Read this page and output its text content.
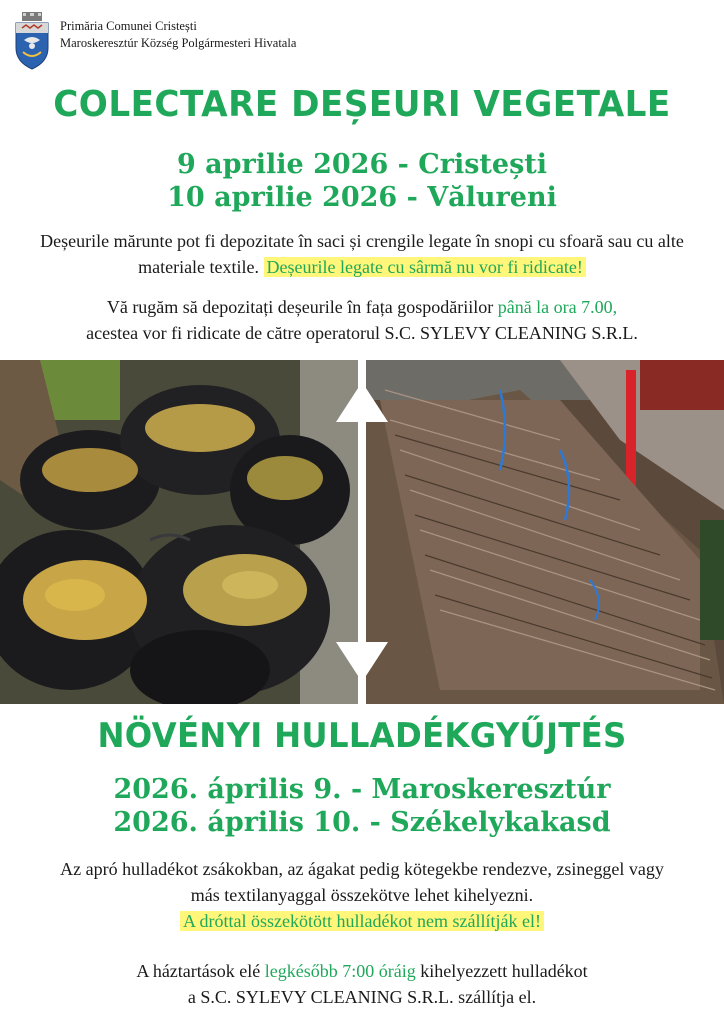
Primăria Comunei Cristești
Maroskeresztúr Község Polgármesteri Hivatala
COLECTARE DEȘEURI VEGETALE
9 aprilie 2026 - Cristești
10 aprilie 2026 - Vălureni
Deșeurile mărunte pot fi depozitate în saci și crengile legate în snopi cu sfoară sau cu alte materiale textile. Deșeurile legate cu sârmă nu vor fi ridicate!
Vă rugăm să depozitați deșeurile în fața gospodăriilor până la ora 7.00,
acestea vor fi ridicate de către operatorul S.C. SYLEVY CLEANING S.R.L.
NÖVÉNYI HULLADÉKGYŰJTÉS
2026. április 9. - Maroskeresztúr
2026. április 10. - Székelykakasd
Az apró hulladékot zsákokban, az ágakat pedig kötegekbe rendezve, zsineggel vagy más textilanyaggal összekötve lehet kihelyezni.
A dróttal összekötött hulladékot nem szállítják el!
A háztartások elé legkésőbb 7:00 óráig kihelyezzett hulladékot
a S.C. SYLEVY CLEANING S.R.L. szállítja el.
